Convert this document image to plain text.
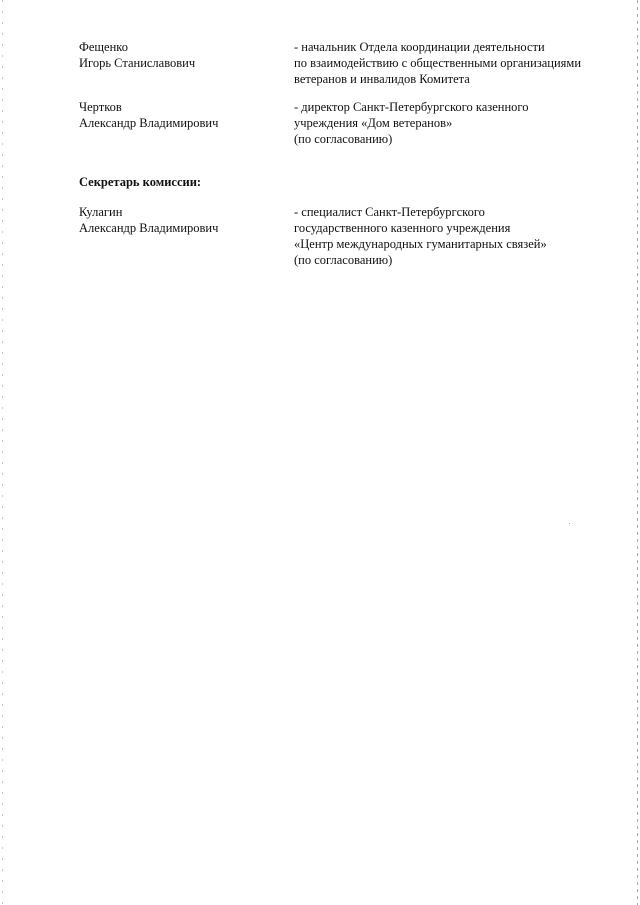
Фещенко
Игорь Станиславович
- начальник Отдела координации деятельности
по взаимодействию с общественными организациями
ветеранов и инвалидов Комитета
Чертков
Александр Владимирович
- директор Санкт-Петербургского казенного
учреждения «Дом ветеранов»
(по согласованию)
Секретарь комиссии:
Кулагин
Александр Владимирович
- специалист Санкт-Петербургского
государственного казенного учреждения
«Центр международных гуманитарных связей»
(по согласованию)
